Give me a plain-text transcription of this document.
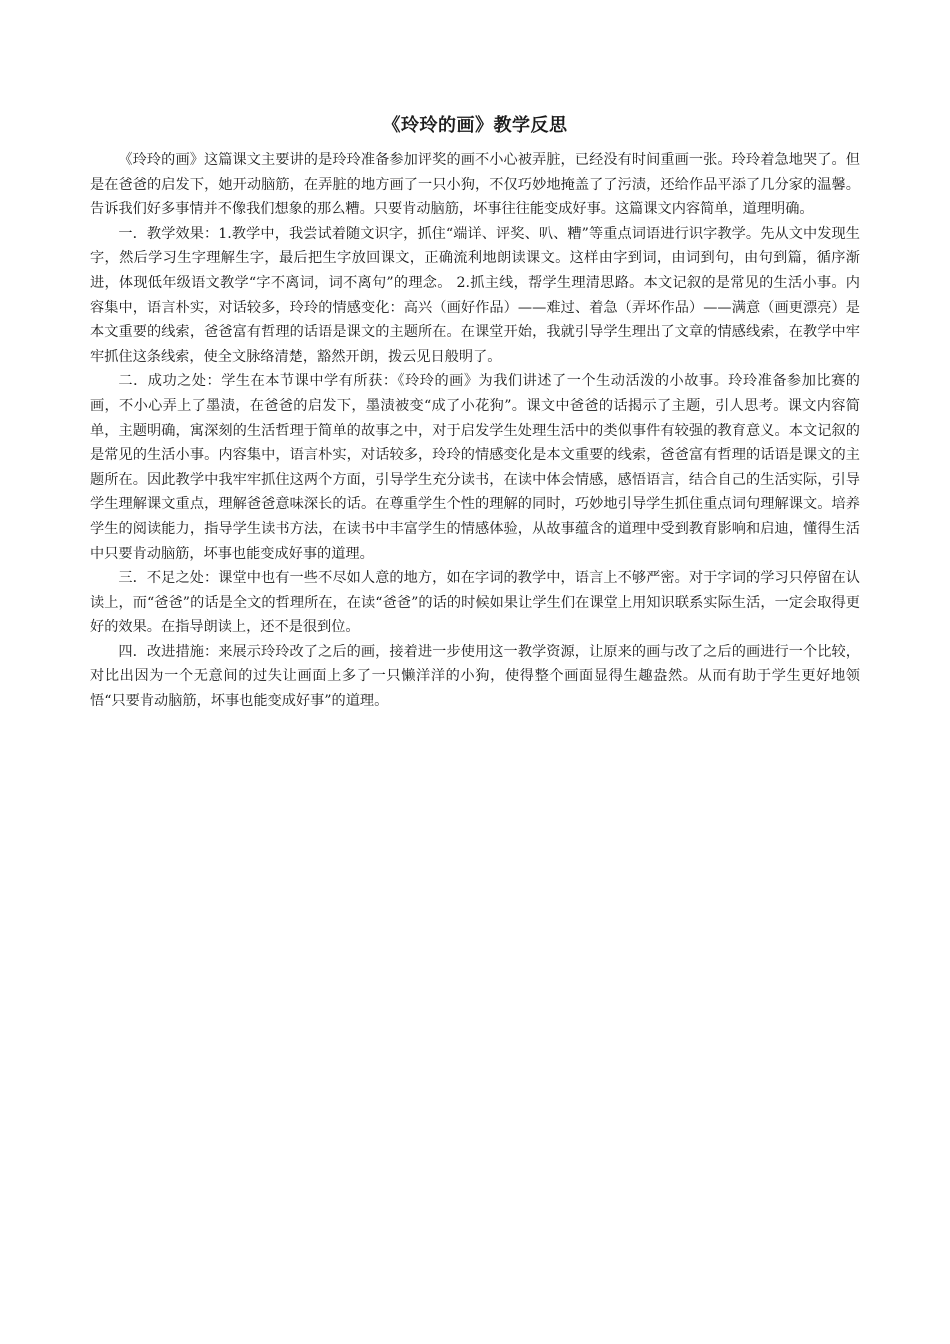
《玲玲的画》教学反思

《玲玲的画》这篇课文主要讲的是玲玲准备参加评奖的画不小心被弄脏，已经没有时间重画一张。玲玲着急地哭了。但是在爸爸的启发下，她开动脑筋，在弄脏的地方画了一只小狗，不仅巧妙地掩盖了了污渍，还给作品平添了几分家的温馨。告诉我们好多事情并不像我们想象的那么糟。只要肯动脑筋，坏事往往能变成好事。这篇课文内容简单，道理明确。

一．教学效果：1.教学中，我尝试着随文识字，抓住“端详、评奖、叭、糟”等重点词语进行识字教学。先从文中发现生字，然后学习生字理解生字，最后把生字放回课文，正确流利地朗读课文。这样由字到词，由词到句，由句到篇，循序渐进，体现低年级语文教学“字不离词，词不离句”的理念。 2.抓主线，帮学生理清思路。本文记叙的是常见的生活小事。内容集中，语言朴实，对话较多，玲玲的情感变化：高兴（画好作品）——难过、着急（弄坏作品）——满意（画更漂亮）是本文重要的线索，爸爸富有哲理的话语是课文的主题所在。在课堂开始，我就引导学生理出了文章的情感线索，在教学中牢牢抓住这条线索，使全文脉络清楚，豁然开朗，拨云见日般明了。

二．成功之处：学生在本节课中学有所获：《玲玲的画》为我们讲述了一个生动活泼的小故事。玲玲准备参加比赛的画，不小心弄上了墨渍，在爸爸的启发下，墨渍被变“成了小花狗”。课文中爸爸的话揭示了主题，引人思考。课文内容简单，主题明确，寓深刻的生活哲理于简单的故事之中，对于启发学生处理生活中的类似事件有较强的教育意义。本文记叙的是常见的生活小事。内容集中，语言朴实，对话较多，玲玲的情感变化是本文重要的线索，爸爸富有哲理的话语是课文的主题所在。因此教学中我牢牢抓住这两个方面，引导学生充分读书，在读中体会情感，感悟语言，结合自己的生活实际，引导学生理解课文重点，理解爸爸意味深长的话。在尊重学生个性的理解的同时，巧妙地引导学生抓住重点词句理解课文。培养学生的阅读能力，指导学生读书方法，在读书中丰富学生的情感体验，从故事蕴含的道理中受到教育影响和启迪，懂得生活中只要肯动脑筋，坏事也能变成好事的道理。

三．不足之处：课堂中也有一些不尽如人意的地方，如在字词的教学中，语言上不够严密。对于字词的学习只停留在认读上，而“爸爸”的话是全文的哲理所在，在读“爸爸”的话的时候如果让学生们在课堂上用知识联系实际生活，一定会取得更好的效果。在指导朗读上，还不是很到位。

四．改进措施：来展示玲玲改了之后的画，接着进一步使用这一教学资源，让原来的画与改了之后的画进行一个比较，对比出因为一个无意间的过失让画面上多了一只懒洋洋的小狗，使得整个画面显得生趣盎然。从而有助于学生更好地领悟“只要肯动脑筋，坏事也能变成好事”的道理。
